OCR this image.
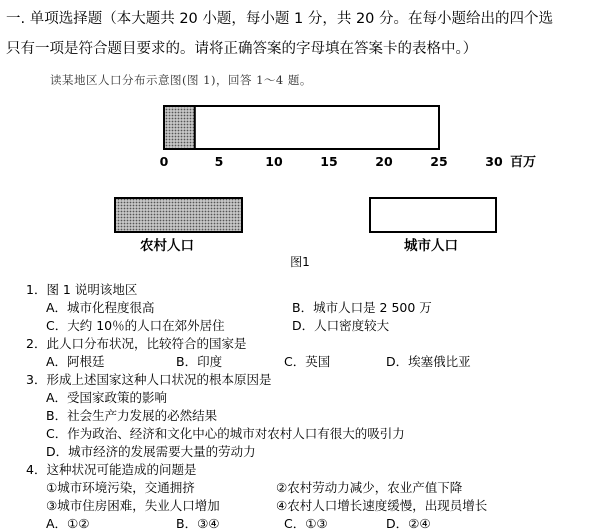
一. 单项选择题（本大题共 20 小题，每小题 1 分，共 20 分。在每小题给出的四个选
只有一项是符合题目要求的。请将正确答案的字母填在答案卡的表格中。）
读某地区人口分布示意图(图 1)，回答 1～4 题。
0	5	10	15	20	25	30 百万
农村人口	城市人口
图1
1．图 1 说明该地区
A．城市化程度很高	B．城市人口是 2 500 万
C．大约 10％的人口在郊外居住	D．人口密度较大
2．此人口分布状况，比较符合的国家是
A．阿根廷	B．印度	C．英国	D．埃塞俄比亚
3．形成上述国家这种人口状况的根本原因是
A．受国家政策的影响
B．社会生产力发展的必然结果
C．作为政治、经济和文化中心的城市对农村人口有很大的吸引力
D．城市经济的发展需要大量的劳动力
4．这种状况可能造成的问题是
①城市环境污染，交通拥挤	②农村劳动力减少，农业产值下降
③城市住房困难，失业人口增加	④农村人口增长速度缓慢，出现员增长
A．①②	B．③④	C．①③	D．②④
